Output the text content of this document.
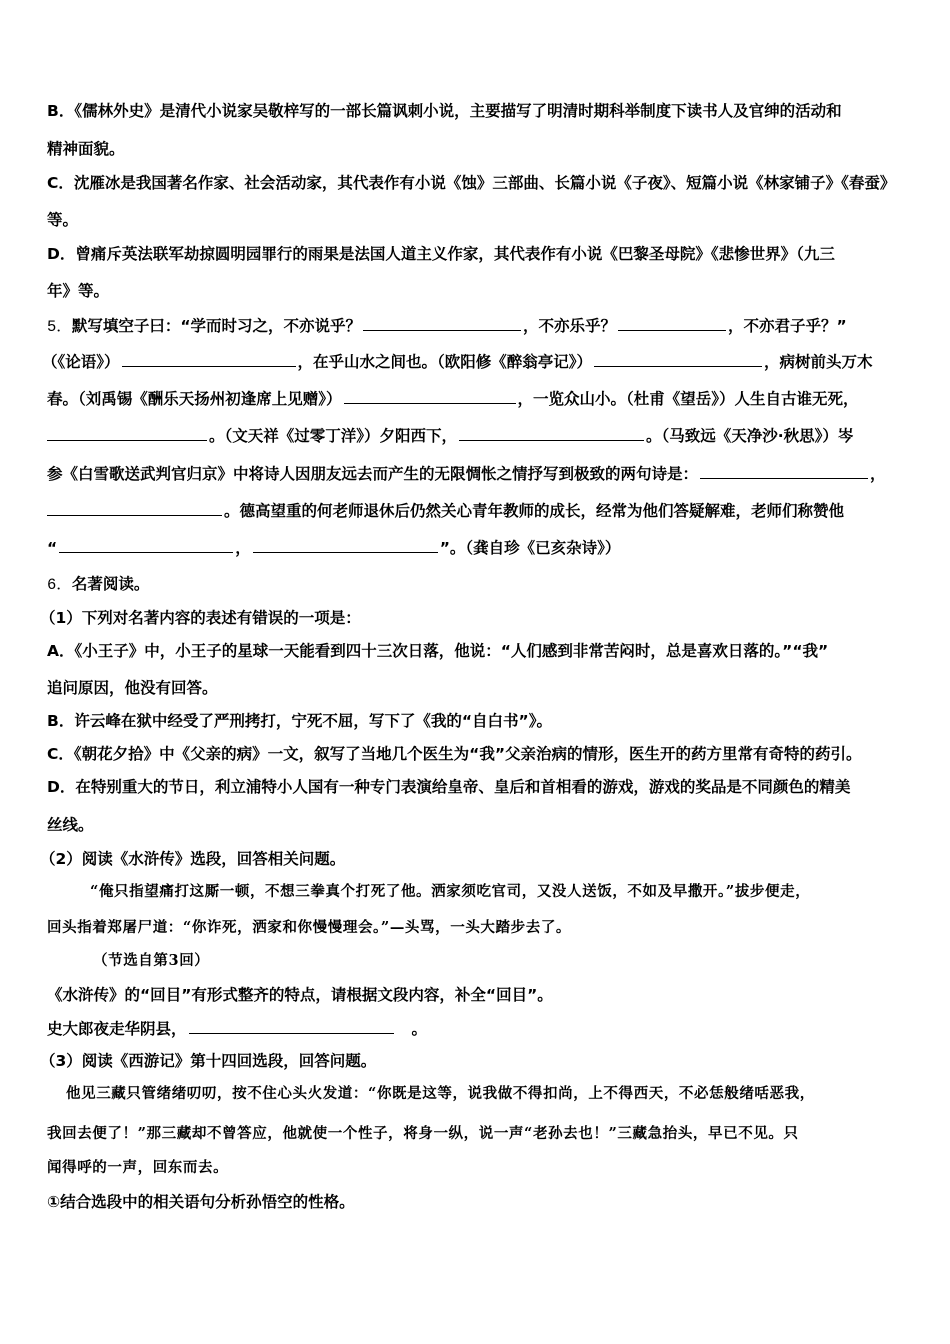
B．《儒林外史》是清代小说家吴敬梓写的一部长篇讽刺小说，主要描写了明清时期科举制度下读书人及官绅的活动和
精神面貌。
C．沈雁冰是我国著名作家、社会活动家，其代表作有小说《蚀》三部曲、长篇小说《子夜》、短篇小说《林家铺子》《春蚕》
等。
D．曾痛斥英法联军劫掠圆明园罪行的雨果是法国人道主义作家，其代表作有小说《巴黎圣母院》《悲惨世界》（九三
年》等。
5．默写填空子曰：“学而时习之，不亦说乎？	，不亦乐乎？	，不亦君子乎？”
（《论语》）	，在乎山水之间也。（欧阳修《醉翁亭记》）	，病树前头万木
春。（刘禹锡《酬乐天扬州初逢席上见赠》）	，一览众山小。（杜甫《望岳》）人生自古谁无死，
。（文天祥《过零丁洋》）夕阳西下，	。（马致远《天净沙·秋思》）岑
参《白雪歌送武判官归京》中将诗人因朋友远去而产生的无限惆怅之情抒写到极致的两句诗是：	，
。德高望重的何老师退休后仍然关心青年教师的成长，经常为他们答疑解难，老师们称赞他
“	，	”。（龚自珍《已亥杂诗》）
6．名著阅读。
（1）下列对名著内容的表述有错误的一项是：
A．《小王子》中，小王子的星球一天能看到四十三次日落，他说：“人们感到非常苦闷时，总是喜欢日落的。”“我”
追问原因，他没有回答。
B．许云峰在狱中经受了严刑拷打，宁死不屈，写下了《我的“自白书”》。
C．《朝花夕拾》中《父亲的病》一文，叙写了当地几个医生为“我”父亲治病的情形，医生开的药方里常有奇特的药引。
D．在特别重大的节日，利立浦特小人国有一种专门表演给皇帝、皇后和首相看的游戏，游戏的奖品是不同颜色的精美
丝线。
（2）阅读《水浒传》选段，回答相关问题。
“俺只指望痛打这厮一顿，不想三拳真个打死了他。洒家须吃官司，又没人送饭，不如及早撒开。”拔步便走，
回头指着郑屠尸道：“你诈死，洒家和你慢慢理会。”—头骂，一头大踏步去了。
（节选自第3回）
《水浒传》的“回目”有形式整齐的特点，请根据文段内容，补全“回目”。
史大郎夜走华阴县，	。
（3）阅读《西游记》第十四回选段，回答问题。
他见三藏只管绪绪叨叨，按不住心头火发道：“你既是这等，说我做不得扣尚，上不得西天，不必恁般绪咶恶我，
我回去便了！”那三藏却不曾答应，他就使一个性子，将身一纵，说一声“老孙去也！”三藏急抬头，早已不见。只
闻得呼的一声，回东而去。
①结合选段中的相关语句分析孙悟空的性格。
